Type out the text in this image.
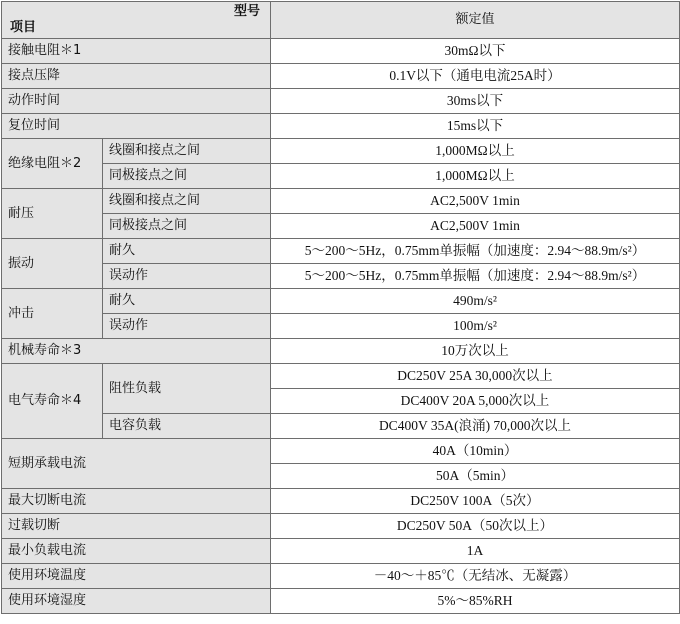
型号
项目		额定值
接触电阻＊1		30mΩ以下
接点压降		0.1V以下（通电电流25A时）
动作时间		30ms以下
复位时间		15ms以下
绝缘电阻＊2	线圈和接点之间	1,000MΩ以上
	同极接点之间	1,000MΩ以上
耐压	线圈和接点之间	AC2,500V 1min
	同极接点之间	AC2,500V 1min
振动	耐久	5～200～5Hz，0.75mm单振幅（加速度：2.94～88.9m/s²）
	误动作	5～200～5Hz，0.75mm单振幅（加速度：2.94～88.9m/s²）
冲击	耐久	490m/s²
	误动作	100m/s²
机械寿命＊3		10万次以上
电气寿命＊4	阻性负载	DC250V 25A 30,000次以上
		DC400V 20A 5,000次以上
	电容负载	DC400V 35A(浪涌) 70,000次以上
短期承载电流		40A（10min）
		50A（5min）
最大切断电流		DC250V 100A（5次）
过载切断		DC250V 50A（50次以上）
最小负载电流		1A
使用环境温度		－40～＋85℃（无结冰、无凝露）
使用环境湿度		5%～85%RH
